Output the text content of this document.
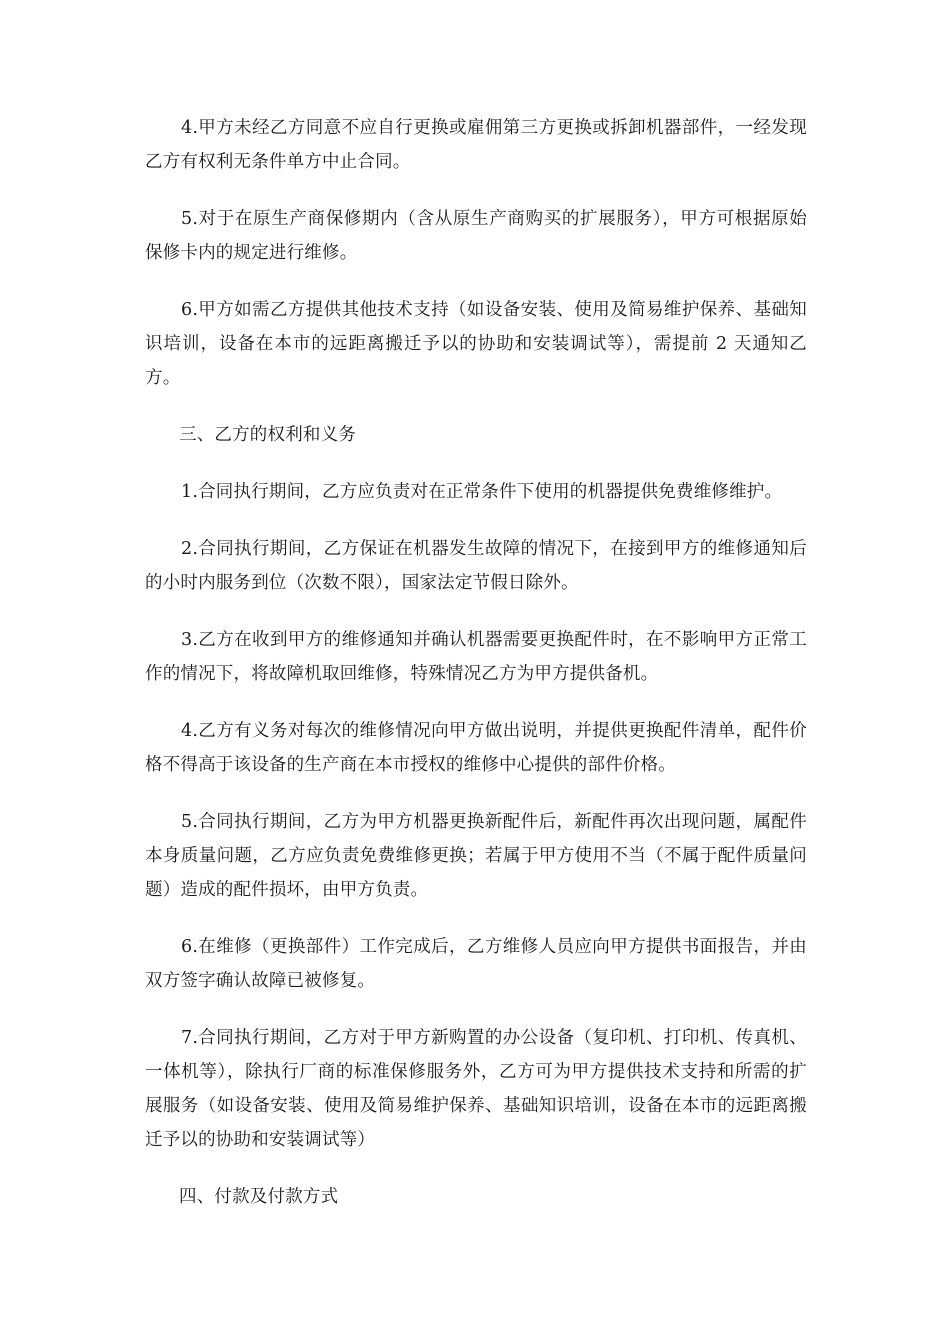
4.甲方未经乙方同意不应自行更换或雇佣第三方更换或拆卸机器部件，一经发现乙方有权利无条件单方中止合同。

5.对于在原生产商保修期内（含从原生产商购买的扩展服务），甲方可根据原始保修卡内的规定进行维修。

6.甲方如需乙方提供其他技术支持（如设备安装、使用及简易维护保养、基础知识培训，设备在本市的远距离搬迁予以的协助和安装调试等），需提前 2 天通知乙方。

三、乙方的权利和义务

1.合同执行期间，乙方应负责对在正常条件下使用的机器提供免费维修维护。

2.合同执行期间，乙方保证在机器发生故障的情况下，在接到甲方的维修通知后的小时内服务到位（次数不限），国家法定节假日除外。

3.乙方在收到甲方的维修通知并确认机器需要更换配件时，在不影响甲方正常工作的情况下，将故障机取回维修，特殊情况乙方为甲方提供备机。

4.乙方有义务对每次的维修情况向甲方做出说明，并提供更换配件清单，配件价格不得高于该设备的生产商在本市授权的维修中心提供的部件价格。

5.合同执行期间，乙方为甲方机器更换新配件后，新配件再次出现问题，属配件本身质量问题，乙方应负责免费维修更换；若属于甲方使用不当（不属于配件质量问题）造成的配件损坏，由甲方负责。

6.在维修（更换部件）工作完成后，乙方维修人员应向甲方提供书面报告，并由双方签字确认故障已被修复。

7.合同执行期间，乙方对于甲方新购置的办公设备（复印机、打印机、传真机、一体机等），除执行厂商的标准保修服务外，乙方可为甲方提供技术支持和所需的扩展服务（如设备安装、使用及简易维护保养、基础知识培训，设备在本市的远距离搬迁予以的协助和安装调试等）

四、付款及付款方式
